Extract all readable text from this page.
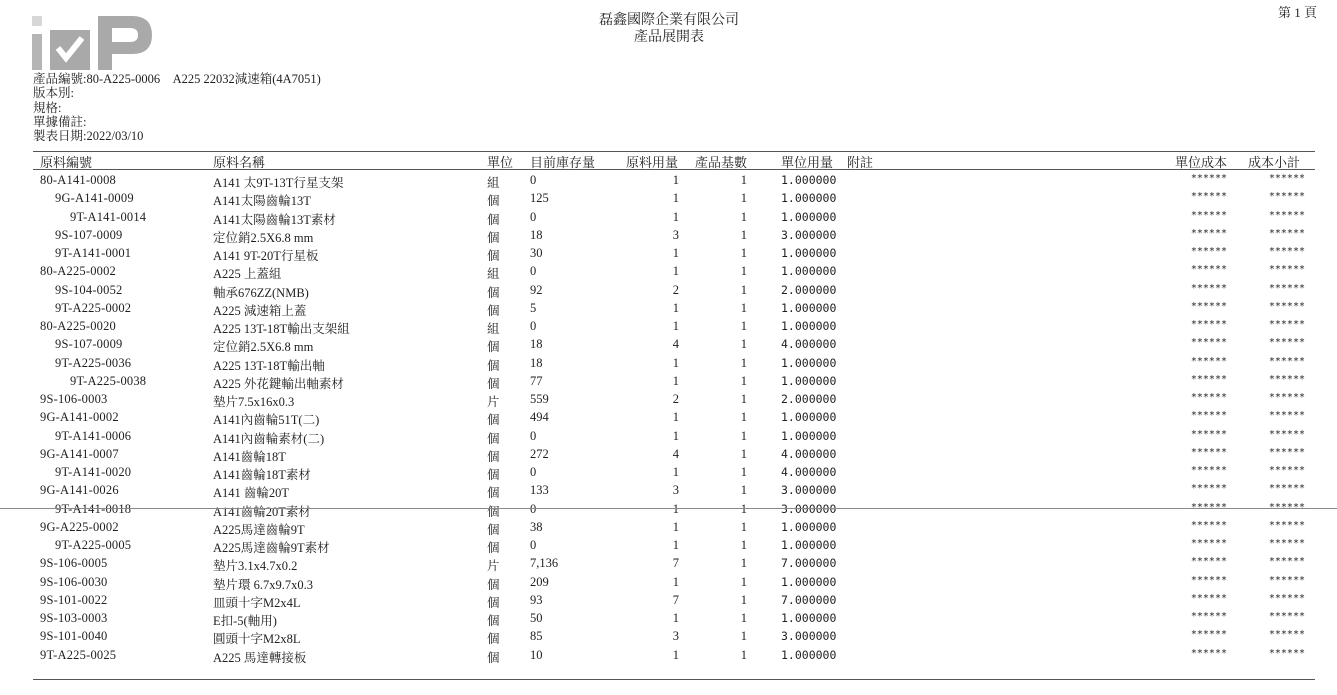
磊鑫國際企業有限公司
產品展開表
第 1 頁
產品編號:80-A225-0006　A225 22032減速箱(4A7051)
版本別:
規格:
單據備註:
製表日期:2022/03/10
原料編號	原料名稱	單位 目前庫存量 原料用量 產品基數	單位用量 附註	單位成本 成本小計
80-A141-0008	A141 太9T-13T行星支架	組 0	1	1	1.000000	******	******
9G-A141-0009	A141太陽齒輪13T	個 125	1	1	1.000000	******	******
9T-A141-0014	A141太陽齒輪13T素材	個 0	1	1	1.000000	******	******
9S-107-0009	定位銷2.5X6.8 mm	個 18	3	1	3.000000	******	******
9T-A141-0001	A141 9T-20T行星板	個 30	1	1	1.000000	******	******
80-A225-0002	A225 上蓋組	組 0	1	1	1.000000	******	******
9S-104-0052	軸承676ZZ(NMB)	個 92	2	1	2.000000	******	******
9T-A225-0002	A225 減速箱上蓋	個 5	1	1	1.000000	******	******
80-A225-0020	A225 13T-18T輸出支架組	組 0	1	1	1.000000	******	******
9S-107-0009	定位銷2.5X6.8 mm	個 18	4	1	4.000000	******	******
9T-A225-0036	A225 13T-18T輸出軸	個 18	1	1	1.000000	******	******
9T-A225-0038	A225 外花鍵輸出軸素材	個 77	1	1	1.000000	******	******
9S-106-0003	墊片7.5x16x0.3	片 559	2	1	2.000000	******	******
9G-A141-0002	A141內齒輪51T(二)	個 494	1	1	1.000000	******	******
9T-A141-0006	A141內齒輪素材(二)	個 0	1	1	1.000000	******	******
9G-A141-0007	A141齒輪18T	個 272	4	1	4.000000	******	******
9T-A141-0020	A141齒輪18T素材	個 0	1	1	4.000000	******	******
9G-A141-0026	A141 齒輪20T	個 133	3	1	3.000000	******	******
9T-A141-0018	A141齒輪20T素材	個 0	1	1	3.000000	******	******
9G-A225-0002	A225馬達齒輪9T	個 38	1	1	1.000000	******	******
9T-A225-0005	A225馬達齒輪9T素材	個 0	1	1	1.000000	******	******
9S-106-0005	墊片3.1x4.7x0.2	片 7,136	7	1	7.000000	******	******
9S-106-0030	墊片環 6.7x9.7x0.3	個 209	1	1	1.000000	******	******
9S-101-0022	皿頭十字M2x4L	個 93	7	1	7.000000	******	******
9S-103-0003	E扣-5(軸用)	個 50	1	1	1.000000	******	******
9S-101-0040	圓頭十字M2x8L	個 85	3	1	3.000000	******	******
9T-A225-0025	A225 馬達轉接板	個 10	1	1	1.000000	******	******
